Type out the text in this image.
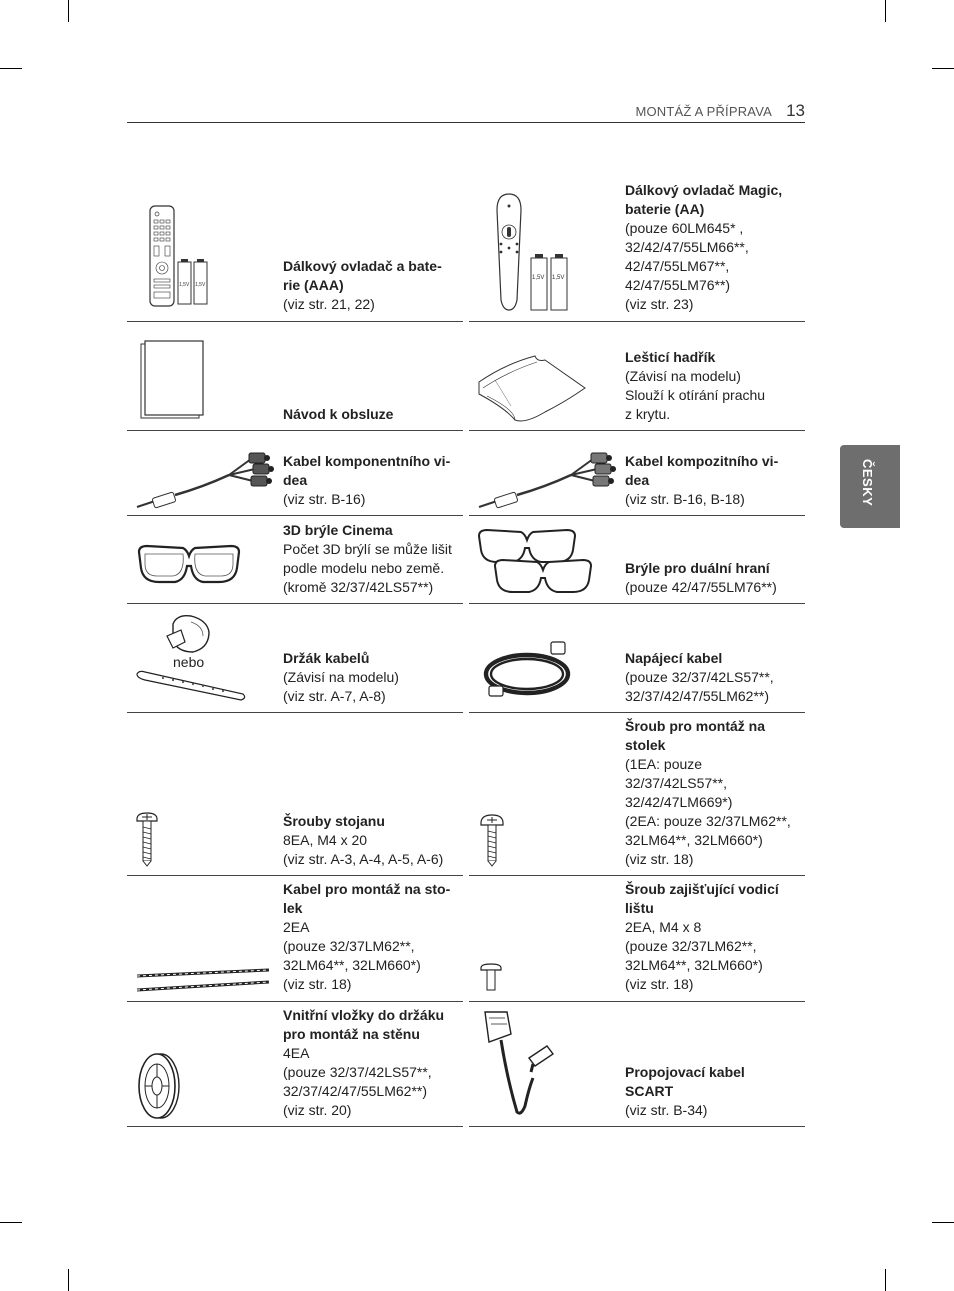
MONTÁŽ A PŘÍPRAVA 13
ČESKY
1,5V 1,5V
Dálkový ovladač a bate-
rie (AAA)
(viz str. 21, 22)
1,5V 1,5V
Dálkový ovladač Magic,
baterie (AA)
(pouze 60LM645* ,
32/42/47/55LM66**,
42/47/55LM67**,
42/47/55LM76**)
(viz str. 23)
Návod k obsluze
Lešticí hadřík
(Závisí na modelu)
Slouží k otírání prachu
z krytu.
Kabel komponentního vi-
dea
(viz str. B-16)
Kabel kompozitního vi-
dea
(viz str. B-16, B-18)
3D brýle Cinema
Počet 3D brýlí se může lišit
podle modelu nebo země.
(kromě 32/37/42LS57**)
Brýle pro duální hraní
(pouze 42/47/55LM76**)
nebo	Držák kabelů
(Závisí na modelu)
(viz str. A-7, A-8)
Napájecí kabel
(pouze 32/37/42LS57**,
32/37/42/47/55LM62**)
Šrouby stojanu
8EA, M4 x 20
(viz str. A-3, A-4, A-5, A-6)
Šroub pro montáž na
stolek
(1EA: pouze
32/37/42LS57**,
32/42/47LM669*)
(2EA: pouze 32/37LM62**,
32LM64**, 32LM660*)
(viz str. 18)
Kabel pro montáž na sto-
lek
2EA
(pouze 32/37LM62**,
32LM64**, 32LM660*)
(viz str. 18)
Šroub zajišťující vodicí
lištu
2EA, M4 x 8
(pouze 32/37LM62**,
32LM64**, 32LM660*)
(viz str. 18)
Vnitřní vložky do držáku
pro montáž na stěnu
4EA
(pouze 32/37/42LS57**,
32/37/42/47/55LM62**)
(viz str. 20)
Propojovací kabel
SCART
(viz str. B-34)
